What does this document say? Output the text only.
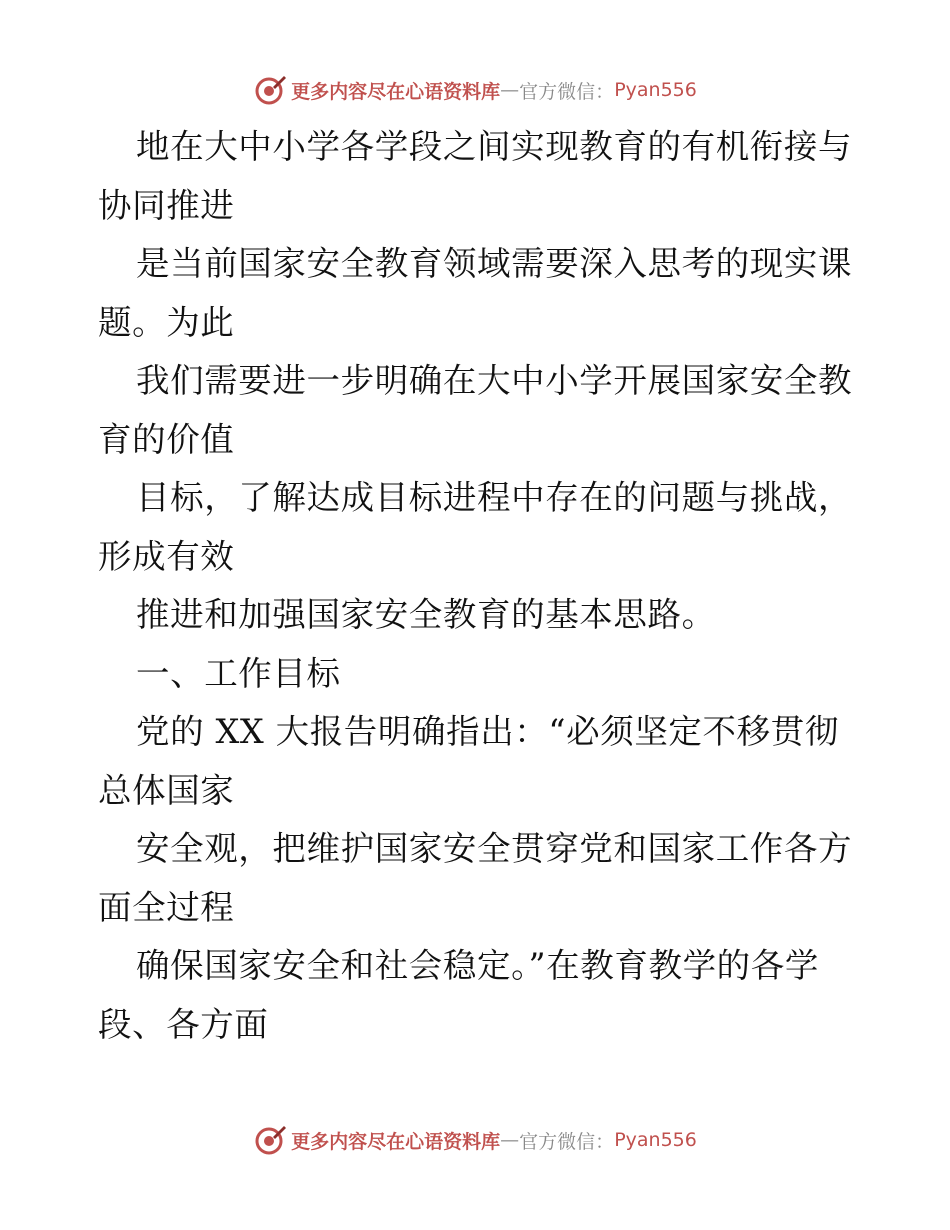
更多内容尽在心语资料库 — 官方微信： Pyan556
地在大中小学各学段之间实现教育的有机衔接与
协同推进
是当前国家安全教育领域需要深入思考的现实课
题。为此
我们需要进一步明确在大中小学开展国家安全教
育的价值
目标，了解达成目标进程中存在的问题与挑战，
形成有效
推进和加强国家安全教育的基本思路。
一、工作目标
党的 XX 大报告明确指出：“必须坚定不移贯彻
总体国家
安全观，把维护国家安全贯穿党和国家工作各方
面全过程
确保国家安全和社会稳定。”在教育教学的各学
段、各方面
更多内容尽在心语资料库 — 官方微信： Pyan556
